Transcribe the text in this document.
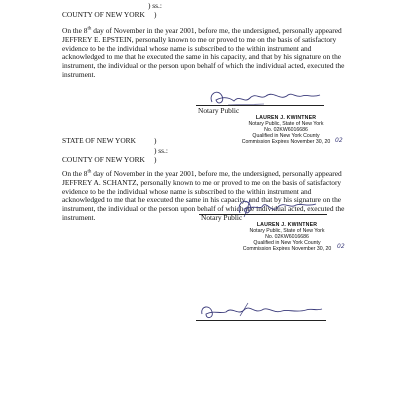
) ss.:
COUNTY OF NEW YORK )
On the 8th day of November in the year 2001, before me, the undersigned, personally appeared JEFFREY E. EPSTEIN, personally known to me or proved to me on the basis of satisfactory evidence to be the individual whose name is subscribed to the within instrument and acknowledged to me that he executed the same in his capacity, and that by his signature on the instrument, the individual or the person upon behalf of which the individual acted, executed the instrument.
Notary Public
LAUREN J. KWINTNER
Notary Public, State of New York
No. 02KW6016686
Qualified in New York County
Commission Expires November 30, 20 02
STATE OF NEW YORK )
) ss.:
COUNTY OF NEW YORK )
On the 8th day of November in the year 2001, before me, the undersigned, personally appeared JEFFREY A. SCHANTZ, personally known to me or proved to me on the basis of satisfactory evidence to be the individual whose name is subscribed to the within instrument and acknowledged to me that he executed the same in his capacity, and that by his signature on the instrument, the individual or the person upon behalf of which the individual acted, executed the instrument.	Notary Public
LAUREN J. KWINTNER
Notary Public, State of New York
No. 02KW6016686
Qualified in New York County
Commission Expires November 30, 20 02
